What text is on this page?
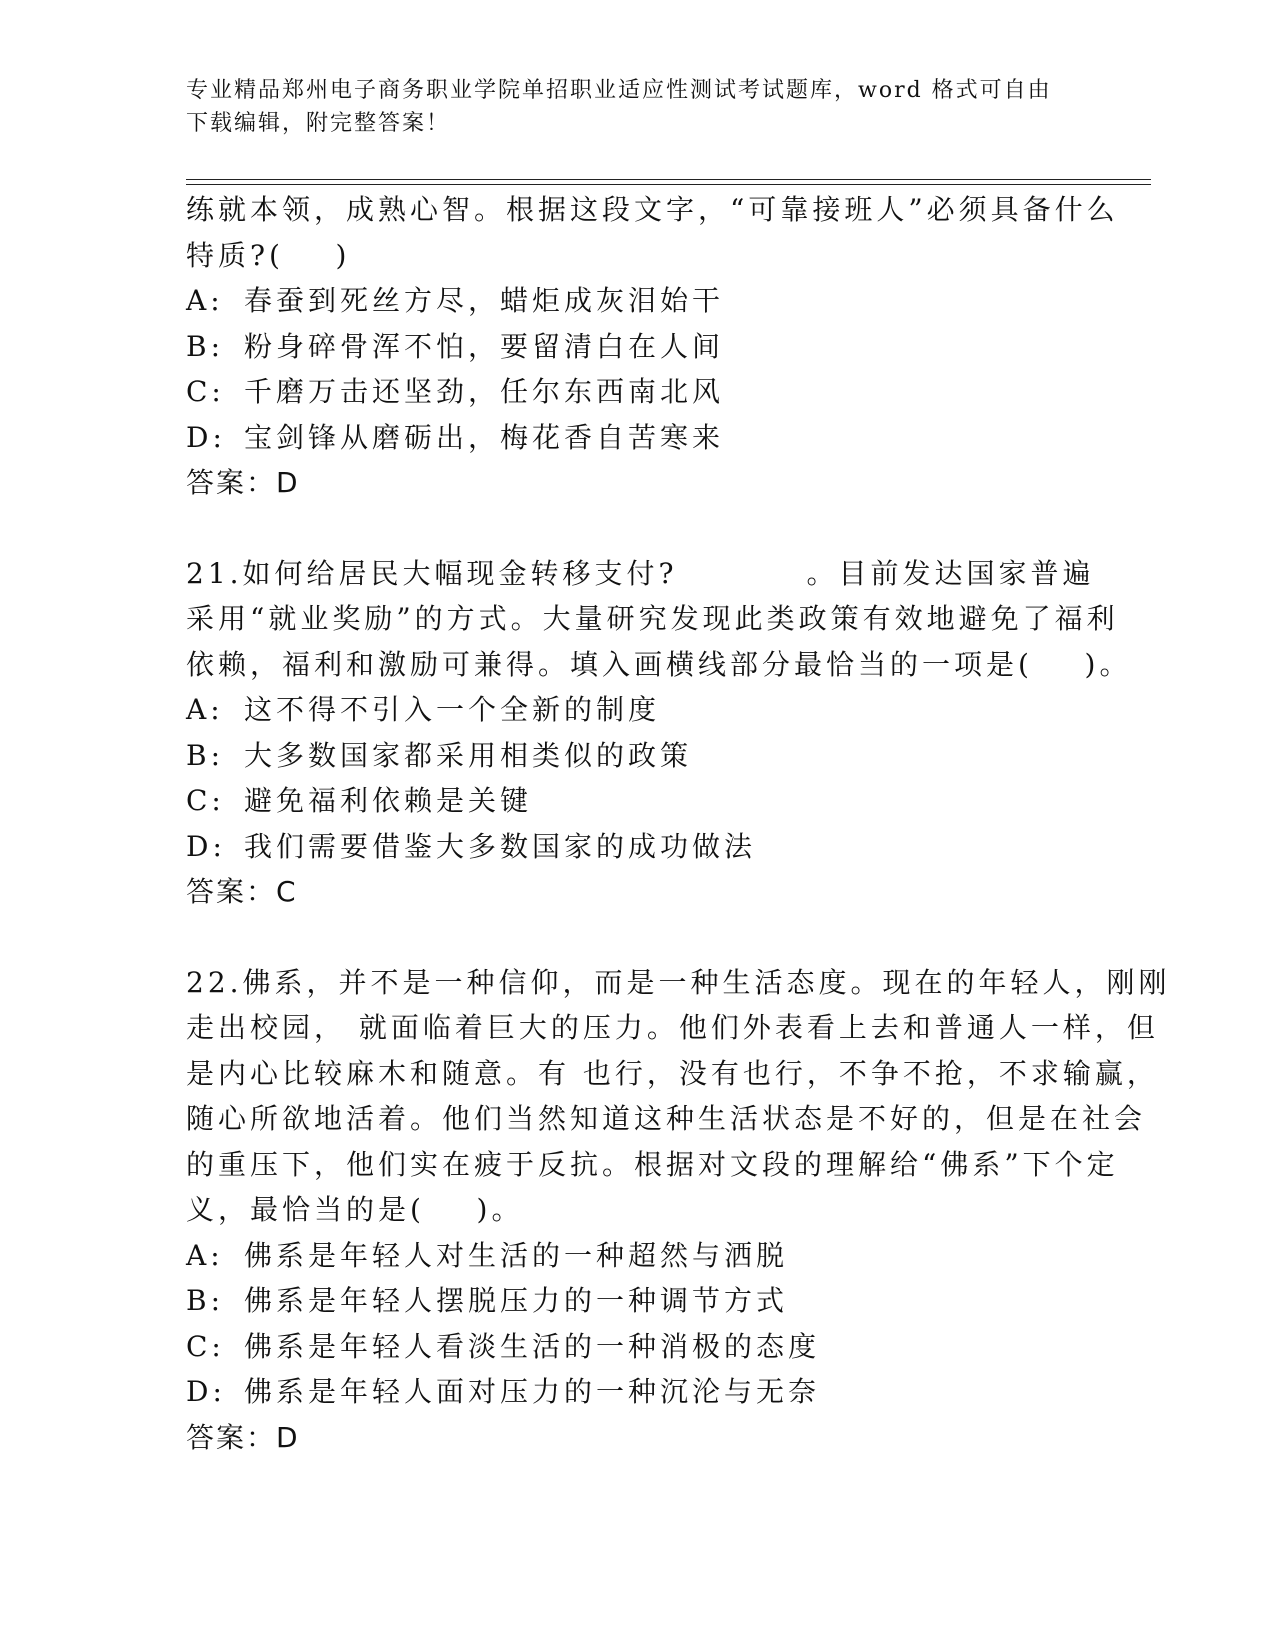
专业精品郑州电子商务职业学院单招职业适应性测试考试题库，word 格式可自由
下载编辑，附完整答案！
练就本领，成熟心智。根据这段文字，“可靠接班人”必须具备什么
特质?(    )
A: 春蚕到死丝方尽，蜡炬成灰泪始干
B: 粉身碎骨浑不怕，要留清白在人间
C: 千磨万击还坚劲，任尔东西南北风
D: 宝剑锋从磨砺出，梅花香自苦寒来
答案：D
21.如何给居民大幅现金转移支付?          。目前发达国家普遍
采用“就业奖励”的方式。大量研究发现此类政策有效地避免了福利
依赖，福利和激励可兼得。填入画横线部分最恰当的一项是(    )。
A: 这不得不引入一个全新的制度
B: 大多数国家都采用相类似的政策
C: 避免福利依赖是关键
D: 我们需要借鉴大多数国家的成功做法
答案：C
22.佛系，并不是一种信仰，而是一种生活态度。现在的年轻人，刚刚
走出校园， 就面临着巨大的压力。他们外表看上去和普通人一样，但
是内心比较麻木和随意。有 也行，没有也行，不争不抢，不求输赢，
随心所欲地活着。他们当然知道这种生活状态是不好的，但是在社会
的重压下，他们实在疲于反抗。根据对文段的理解给“佛系”下个定
义，最恰当的是(    )。
A: 佛系是年轻人对生活的一种超然与洒脱
B: 佛系是年轻人摆脱压力的一种调节方式
C: 佛系是年轻人看淡生活的一种消极的态度
D: 佛系是年轻人面对压力的一种沉沦与无奈
答案：D
